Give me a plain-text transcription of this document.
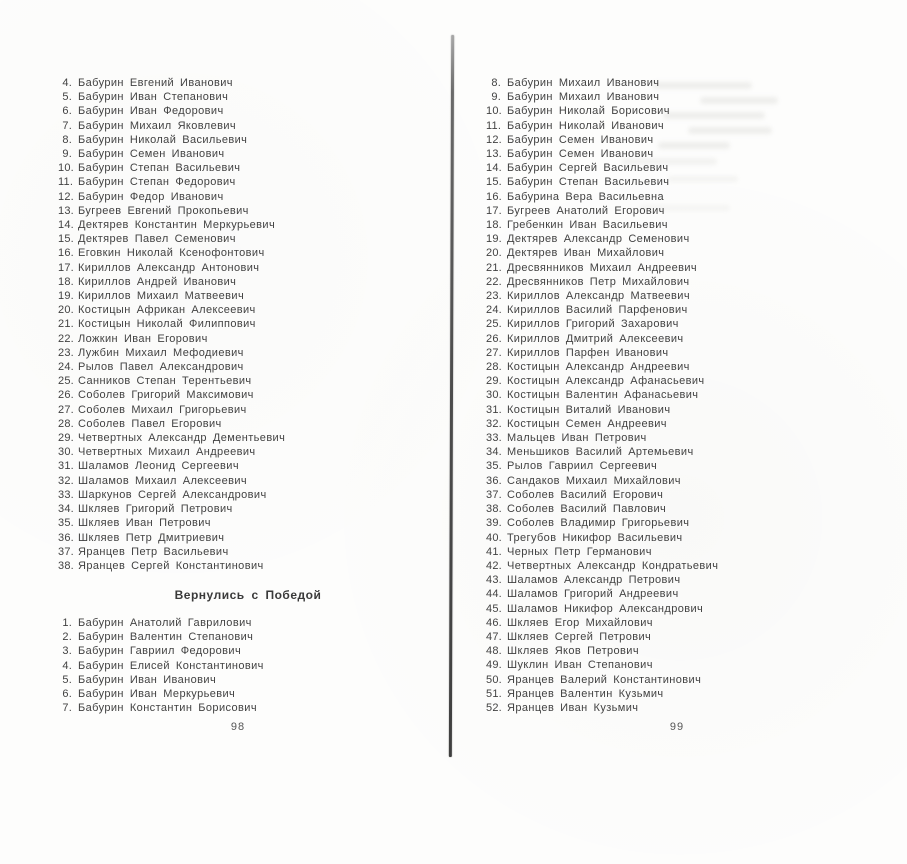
4. Бабурин Евгений Иванович
5. Бабурин Иван Степанович
6. Бабурин Иван Федорович
7. Бабурин Михаил Яковлевич
8. Бабурин Николай Васильевич
9. Бабурин Семен Иванович
10. Бабурин Степан Васильевич
11. Бабурин Степан Федорович
12. Бабурин Федор Иванович
13. Бугреев Евгений Прокопьевич
14. Дектярев Константин Меркурьевич
15. Дектярев Павел Семенович
16. Еговкин Николай Ксенофонтович
17. Кириллов Александр Антонович
18. Кириллов Андрей Иванович
19. Кириллов Михаил Матвеевич
20. Костицын Африкан Алексеевич
21. Костицын Николай Филиппович
22. Ложкин Иван Егорович
23. Лужбин Михаил Мефодиевич
24. Рылов Павел Александрович
25. Санников Степан Терентьевич
26. Соболев Григорий Максимович
27. Соболев Михаил Григорьевич
28. Соболев Павел Егорович
29. Четвертных Александр Дементьевич
30. Четвертных Михаил Андреевич
31. Шаламов Леонид Сергеевич
32. Шаламов Михаил Алексеевич
33. Шаркунов Сергей Александрович
34. Шкляев Григорий Петрович
35. Шкляев Иван Петрович
36. Шкляев Петр Дмитриевич
37. Яранцев Петр Васильевич
38. Яранцев Сергей Константинович
Вернулись с Победой
1. Бабурин Анатолий Гаврилович
2. Бабурин Валентин Степанович
3. Бабурин Гавриил Федорович
4. Бабурин Елисей Константинович
5. Бабурин Иван Иванович
6. Бабурин Иван Меркурьевич
7. Бабурин Константин Борисович
98
8. Бабурин Михаил Иванович
9. Бабурин Михаил Иванович
10. Бабурин Николай Борисович
11. Бабурин Николай Иванович
12. Бабурин Семен Иванович
13. Бабурин Семен Иванович
14. Бабурин Сергей Васильевич
15. Бабурин Степан Васильевич
16. Бабурина Вера Васильевна
17. Бугреев Анатолий Егорович
18. Гребенкин Иван Васильевич
19. Дектярев Александр Семенович
20. Дектярев Иван Михайлович
21. Дресвянников Михаил Андреевич
22. Дресвянников Петр Михайлович
23. Кириллов Александр Матвеевич
24. Кириллов Василий Парфенович
25. Кириллов Григорий Захарович
26. Кириллов Дмитрий Алексеевич
27. Кириллов Парфен Иванович
28. Костицын Александр Андреевич
29. Костицын Александр Афанасьевич
30. Костицын Валентин Афанасьевич
31. Костицын Виталий Иванович
32. Костицын Семен Андреевич
33. Мальцев Иван Петрович
34. Меньшиков Василий Артемьевич
35. Рылов Гавриил Сергеевич
36. Сандаков Михаил Михайлович
37. Соболев Василий Егорович
38. Соболев Василий Павлович
39. Соболев Владимир Григорьевич
40. Трегубов Никифор Васильевич
41. Черных Петр Германович
42. Четвертных Александр Кондратьевич
43. Шаламов Александр Петрович
44. Шаламов Григорий Андреевич
45. Шаламов Никифор Александрович
46. Шкляев Егор Михайлович
47. Шкляев Сергей Петрович
48. Шкляев Яков Петрович
49. Шуклин Иван Степанович
50. Яранцев Валерий Константинович
51. Яранцев Валентин Кузьмич
52. Яранцев Иван Кузьмич
99
